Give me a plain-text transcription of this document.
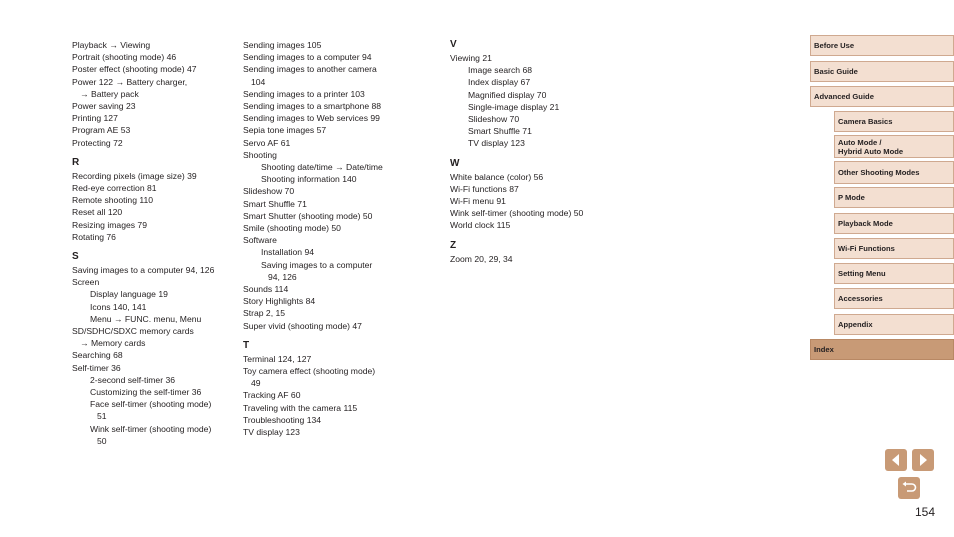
Playback → Viewing
Portrait (shooting mode) 46
Poster effect (shooting mode) 47
Power 122 → Battery charger,
→ Battery pack
Power saving 23
Printing 127
Program AE 53
Protecting 72
R
Recording pixels (image size) 39
Red-eye correction 81
Remote shooting 110
Reset all 120
Resizing images 79
Rotating 76
S
Saving images to a computer 94, 126
Screen
Display language 19
Icons 140, 141
Menu → FUNC. menu, Menu
SD/SDHC/SDXC memory cards
→ Memory cards
Searching 68
Self-timer 36
2-second self-timer 36
Customizing the self-timer 36
Face self-timer (shooting mode)
51
Wink self-timer (shooting mode)
50
Sending images 105
Sending images to a computer 94
Sending images to another camera
104
Sending images to a printer 103
Sending images to a smartphone 88
Sending images to Web services 99
Sepia tone images 57
Servo AF 61
Shooting
Shooting date/time → Date/time
Shooting information 140
Slideshow 70
Smart Shuffle 71
Smart Shutter (shooting mode) 50
Smile (shooting mode) 50
Software
Installation 94
Saving images to a computer
94, 126
Sounds 114
Story Highlights 84
Strap 2, 15
Super vivid (shooting mode) 47
T
Terminal 124, 127
Toy camera effect (shooting mode)
49
Tracking AF 60
Traveling with the camera 115
Troubleshooting 134
TV display 123
V
Viewing 21
Image search 68
Index display 67
Magnified display 70
Single-image display 21
Slideshow 70
Smart Shuffle 71
TV display 123
W
White balance (color) 56
Wi-Fi functions 87
Wi-Fi menu 91
Wink self-timer (shooting mode) 50
World clock 115
Z
Zoom 20, 29, 34
Before Use
Basic Guide
Advanced Guide
Camera Basics
Auto Mode /
Hybrid Auto Mode
Other Shooting Modes
P Mode
Playback Mode
Wi-Fi Functions
Setting Menu
Accessories
Appendix
Index
154
